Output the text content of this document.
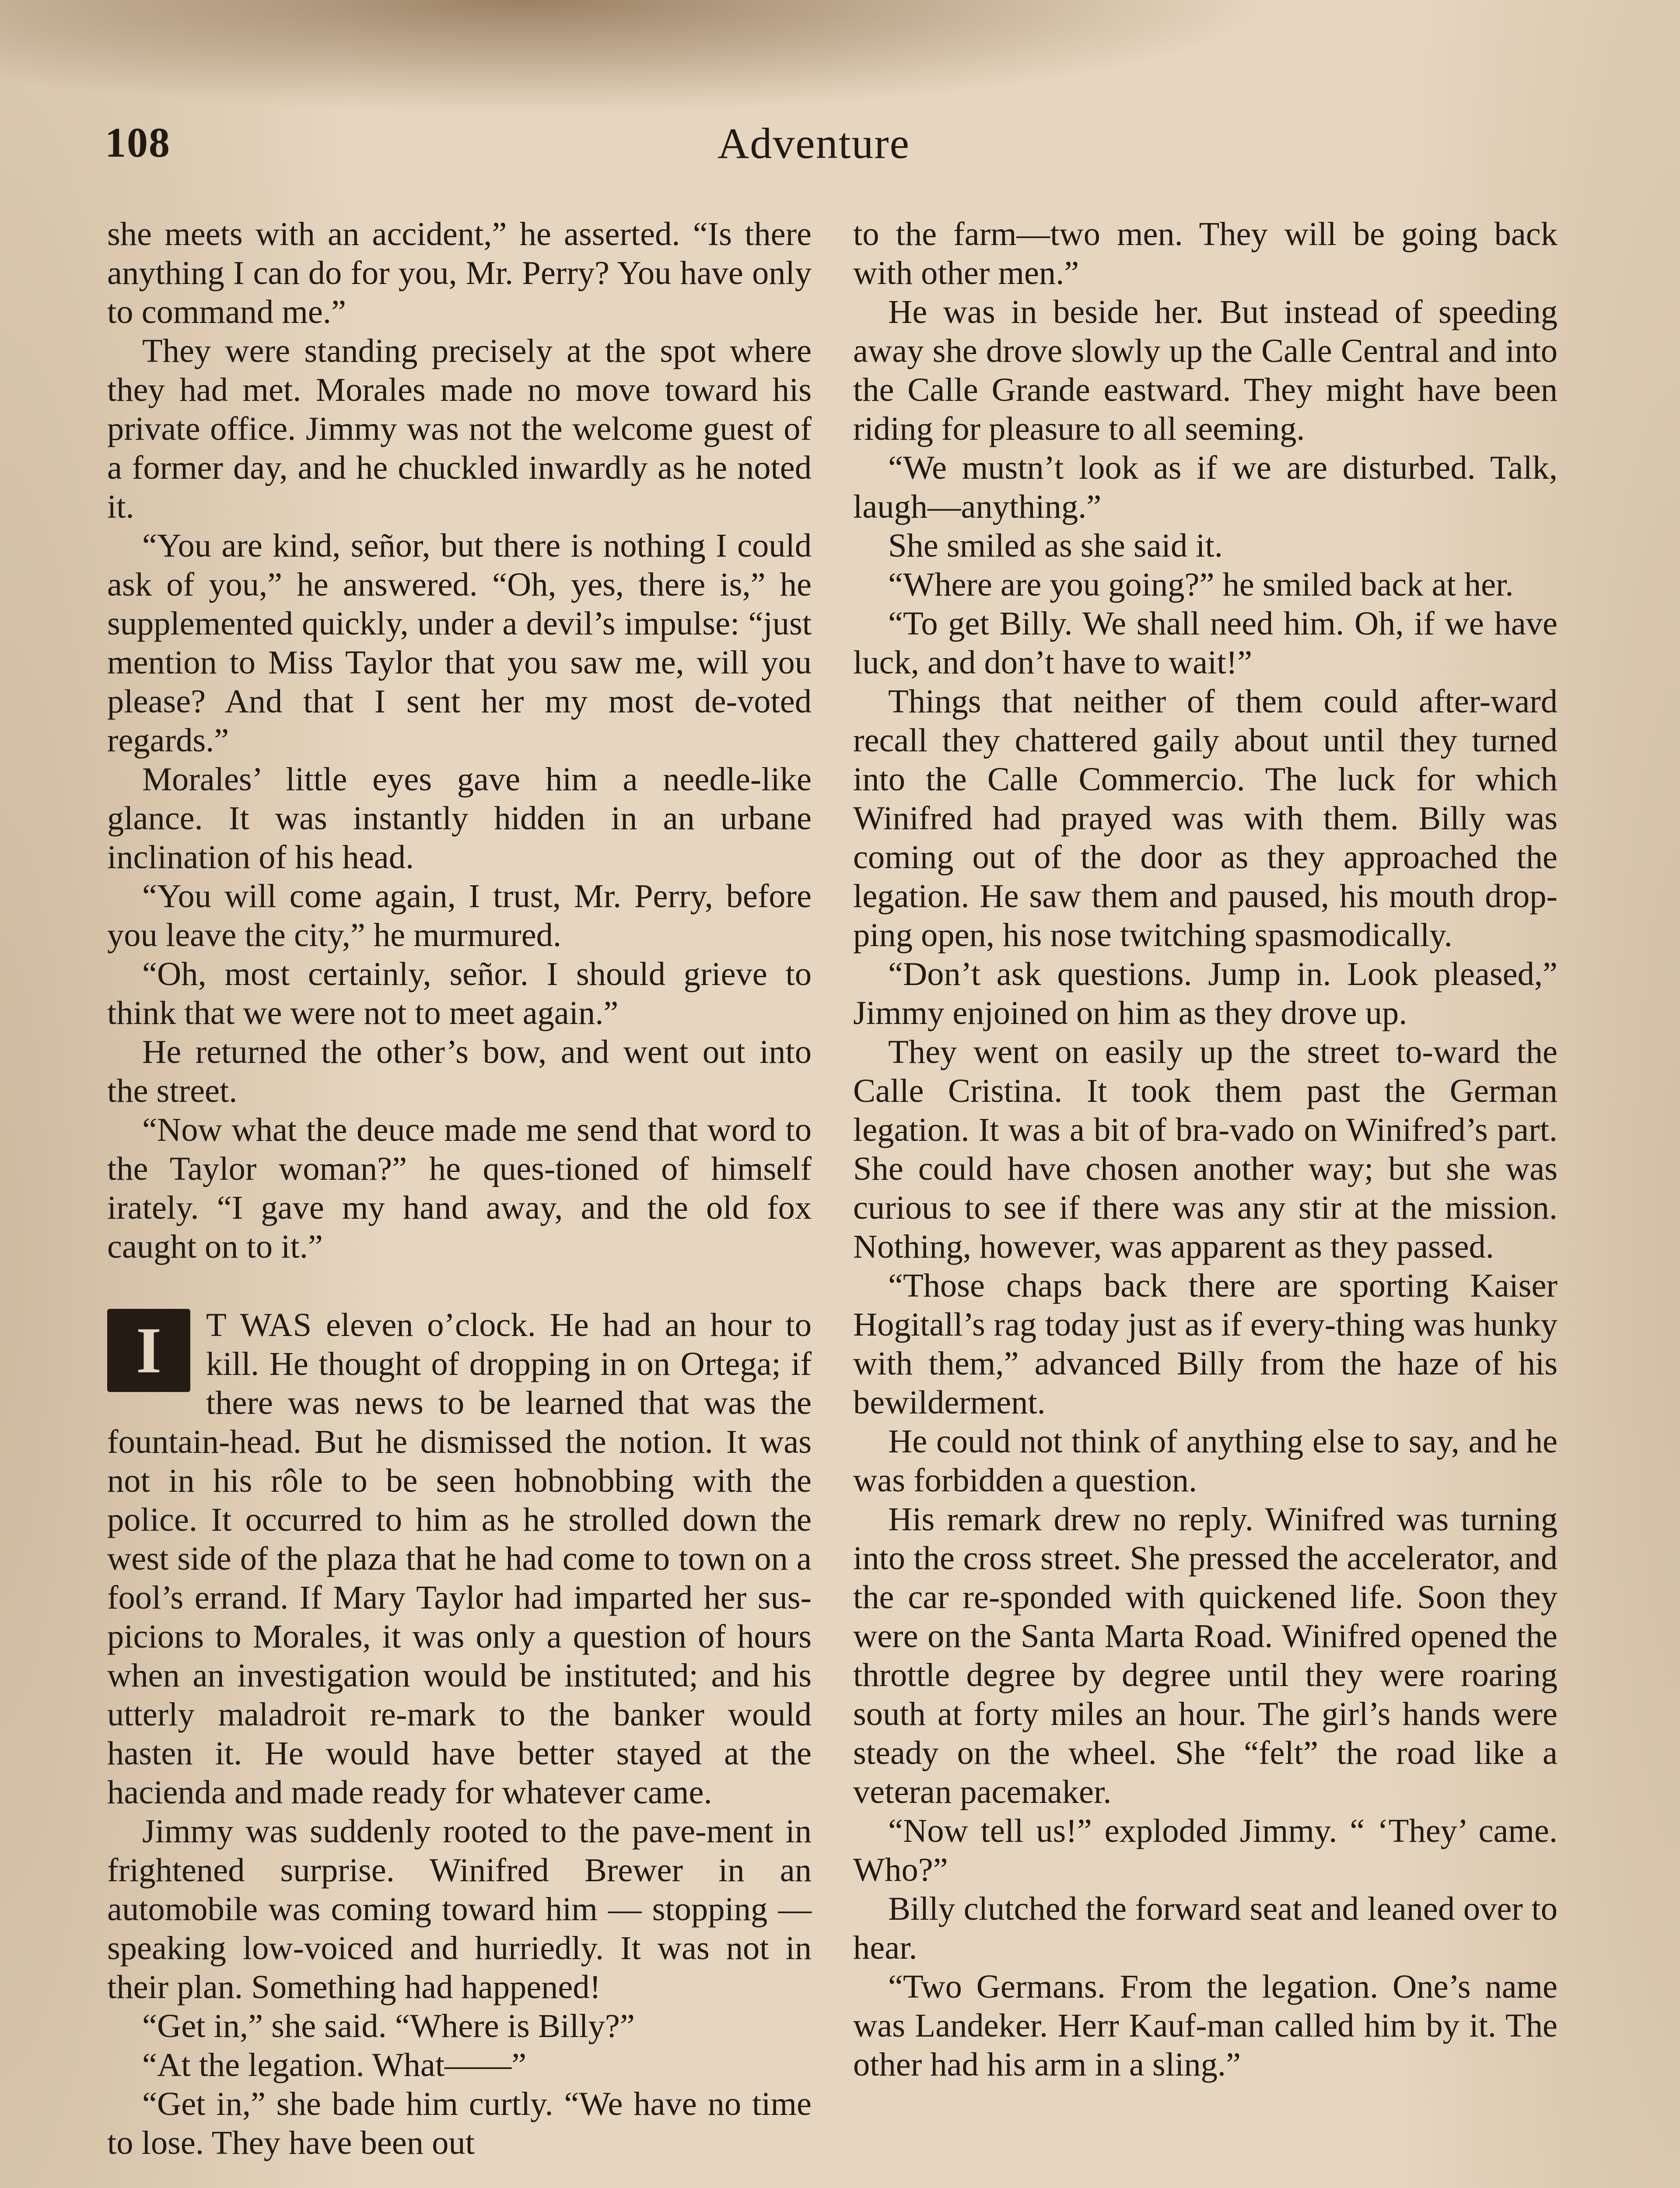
108	Adventure

she meets with an accident,” he asserted. “Is there anything I can do for you, Mr. Perry? You have only to command me.”

They were standing precisely at the spot where they had met. Morales made no move toward his private office. Jimmy was not the welcome guest of a former day, and he chuckled inwardly as he noted it.

“You are kind, señor, but there is nothing I could ask of you,” he answered. “Oh, yes, there is,” he supplemented quickly, under a devil’s impulse: “just mention to Miss Taylor that you saw me, will you please? And that I sent her my most de-voted regards.”

Morales’ little eyes gave him a needle-like glance. It was instantly hidden in an urbane inclination of his head.

“You will come again, I trust, Mr. Perry, before you leave the city,” he murmured.

“Oh, most certainly, señor. I should grieve to think that we were not to meet again.”

He returned the other’s bow, and went out into the street.

“Now what the deuce made me send that word to the Taylor woman?” he ques-tioned of himself irately. “I gave my hand away, and the old fox caught on to it.”

I	T WAS eleven o’clock. He had an hour to kill. He thought of dropping in on Ortega; if there was news to be learned that was the fountain-head. But he dismissed the notion. It was not in his rôle to be seen hobnobbing with the police. It occurred to him as he strolled down the west side of the plaza that he had come to town on a fool’s errand. If Mary Taylor had imparted her sus-picions to Morales, it was only a question of hours when an investigation would be instituted; and his utterly maladroit re-mark to the banker would hasten it. He would have better stayed at the hacienda and made ready for whatever came.

Jimmy was suddenly rooted to the pave-ment in frightened surprise. Winifred Brewer in an automobile was coming toward him — stopping — speaking low-voiced and hurriedly. It was not in their plan. Something had happened!

“Get in,” she said. “Where is Billy?”

“At the legation. What——”

“Get in,” she bade him curtly. “We have no time to lose. They have been out

to the farm—two men. They will be going back with other men.”

He was in beside her. But instead of speeding away she drove slowly up the Calle Central and into the Calle Grande eastward. They might have been riding for pleasure to all seeming.

“We mustn’t look as if we are disturbed. Talk, laugh—anything.”

She smiled as she said it.

“Where are you going?” he smiled back at her.

“To get Billy. We shall need him. Oh, if we have luck, and don’t have to wait!”

Things that neither of them could after-ward recall they chattered gaily about until they turned into the Calle Commercio. The luck for which Winifred had prayed was with them. Billy was coming out of the door as they approached the legation. He saw them and paused, his mouth drop-ping open, his nose twitching spasmodically.

“Don’t ask questions. Jump in. Look pleased,” Jimmy enjoined on him as they drove up.

They went on easily up the street to-ward the Calle Cristina. It took them past the German legation. It was a bit of bra-vado on Winifred’s part. She could have chosen another way; but she was curious to see if there was any stir at the mission. Nothing, however, was apparent as they passed.

“Those chaps back there are sporting Kaiser Hogitall’s rag today just as if every-thing was hunky with them,” advanced Billy from the haze of his bewilderment.

He could not think of anything else to say, and he was forbidden a question.

His remark drew no reply. Winifred was turning into the cross street. She pressed the accelerator, and the car re-sponded with quickened life. Soon they were on the Santa Marta Road. Winifred opened the throttle degree by degree until they were roaring south at forty miles an hour. The girl’s hands were steady on the wheel. She “felt” the road like a veteran pacemaker.

“Now tell us!” exploded Jimmy. “ ‘They’ came. Who?”

Billy clutched the forward seat and leaned over to hear.

“Two Germans. From the legation. One’s name was Landeker. Herr Kauf-man called him by it. The other had his arm in a sling.”
